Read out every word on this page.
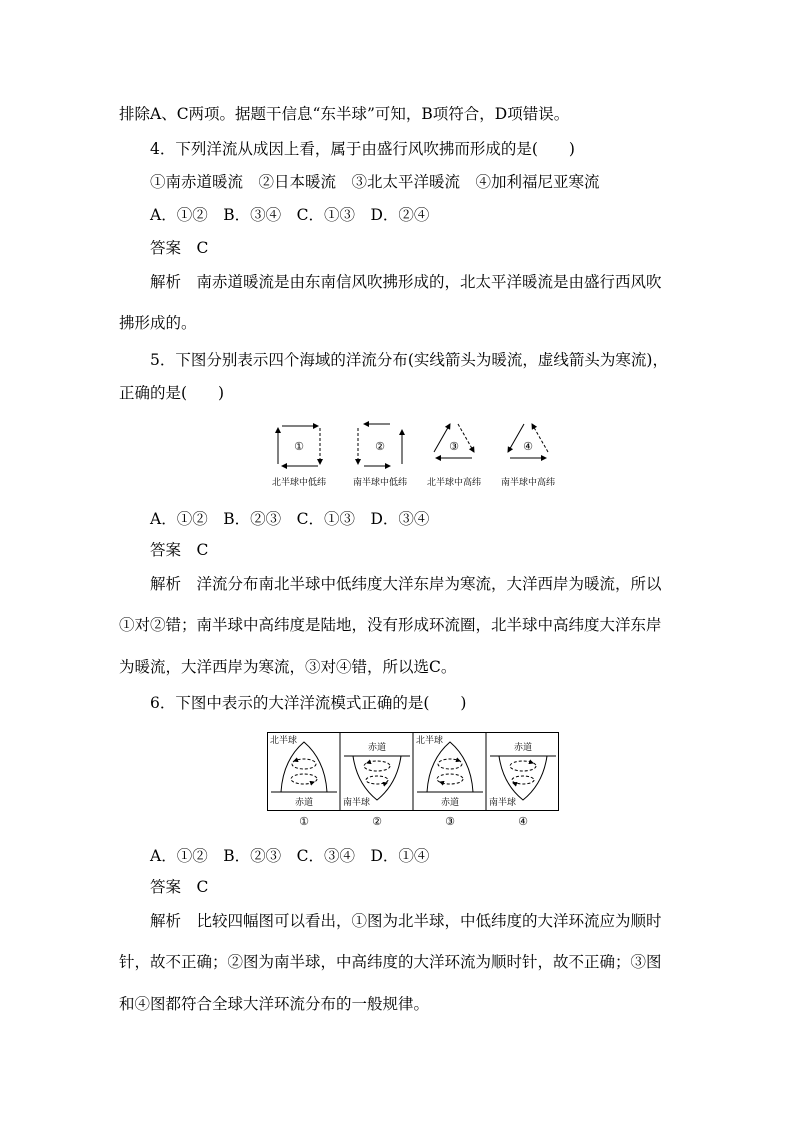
排除A、C两项。据题干信息“东半球”可知，B项符合，D项错误。
4．下列洋流从成因上看，属于由盛行风吹拂而形成的是(　　)
①南赤道暖流　②日本暖流　③北太平洋暖流　④加利福尼亚寒流
A．①②　B．③④　C．①③　D．②④
答案　 C
解析　 南赤道暖流是由东南信风吹拂形成的，北太平洋暖流是由盛行西风吹
拂形成的。
5．下图分别表示四个海域的洋流分布(实线箭头为暖流，虚线箭头为寒流)，
正确的是(　　)
①
北半球中低纬
②
南半球中低纬
③
北半球中高纬
④
南半球中高纬
A．①②　B．②③　C．①③　D．③④
答案　 C
解析　 洋流分布南北半球中低纬度大洋东岸为寒流，大洋西岸为暖流，所以
①对②错；南半球中高纬度是陆地，没有形成环流圈，北半球中高纬度大洋东岸
为暖流，大洋西岸为寒流，③对④错，所以选C。
6．下图中表示的大洋洋流模式正确的是(　　)
北半球
赤道
①
赤道
南半球
②
北半球
赤道
③
赤道
南半球
④
A．①②　B．②③　C．③④　D．①④
答案　 C
解析　 比较四幅图可以看出，①图为北半球，中低纬度的大洋环流应为顺时
针，故不正确；②图为南半球，中高纬度的大洋环流为顺时针，故不正确；③图
和④图都符合全球大洋环流分布的一般规律。
